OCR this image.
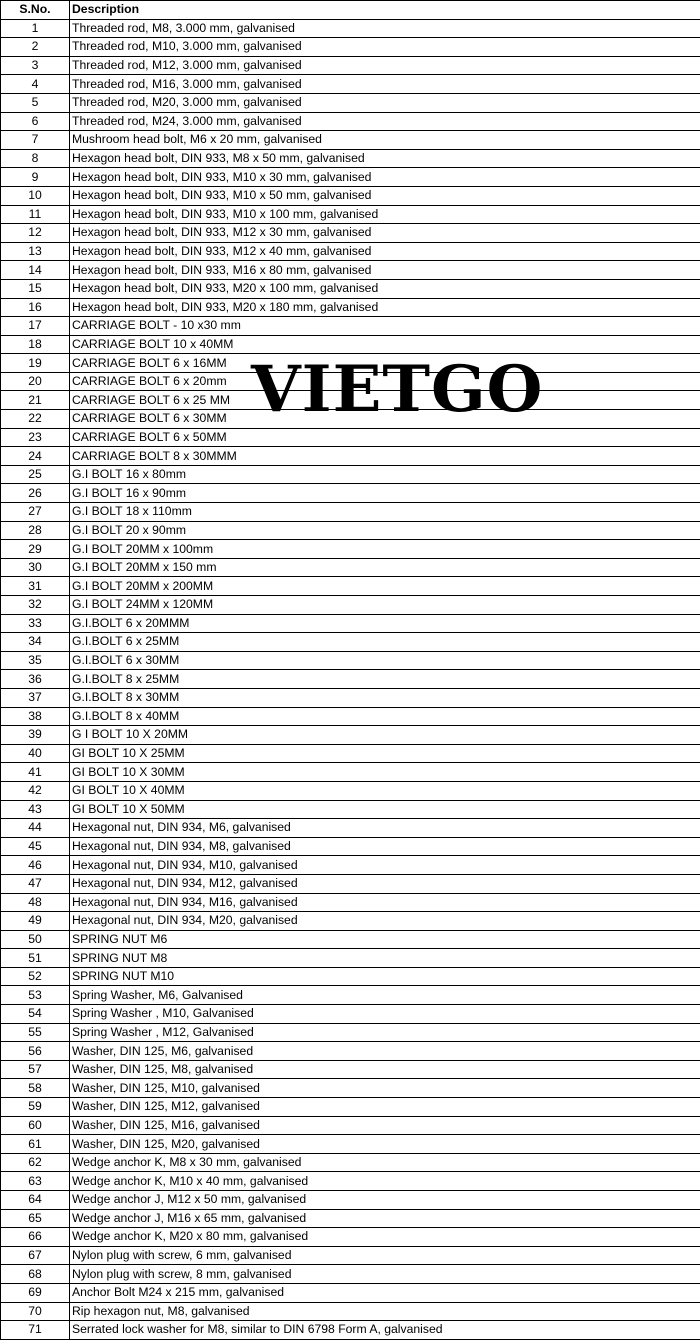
S.No.	Description
1	Threaded rod, M8, 3.000 mm, galvanised
2	Threaded rod, M10, 3.000 mm, galvanised
3	Threaded rod, M12, 3.000 mm, galvanised
4	Threaded rod, M16, 3.000 mm, galvanised
5	Threaded rod, M20, 3.000 mm, galvanised
6	Threaded rod, M24, 3.000 mm, galvanised
7	Mushroom head bolt, M6 x 20 mm, galvanised
8	Hexagon head bolt, DIN 933, M8 x 50 mm, galvanised
9	Hexagon head bolt, DIN 933, M10 x 30 mm, galvanised
10	Hexagon head bolt, DIN 933, M10 x 50 mm, galvanised
11	Hexagon head bolt, DIN 933, M10 x 100 mm, galvanised
12	Hexagon head bolt, DIN 933, M12 x 30 mm, galvanised
13	Hexagon head bolt, DIN 933, M12 x 40 mm, galvanised
14	Hexagon head bolt, DIN 933, M16 x 80 mm, galvanised
15	Hexagon head bolt, DIN 933, M20 x 100 mm, galvanised
16	Hexagon head bolt, DIN 933, M20 x 180 mm, galvanised
17	CARRIAGE BOLT - 10 x30 mm
18	CARRIAGE BOLT 10 x 40MM
19	CARRIAGE BOLT 6 x 16MM
20	CARRIAGE BOLT 6 x 20mm
21	CARRIAGE BOLT 6 x 25 MM
22	CARRIAGE BOLT 6 x 30MM
23	CARRIAGE BOLT 6 x 50MM
24	CARRIAGE BOLT 8 x 30MMM
25	G.I BOLT 16 x 80mm
26	G.I BOLT 16 x 90mm
27	G.I BOLT 18 x 110mm
28	G.I BOLT 20 x 90mm
29	G.I BOLT 20MM x 100mm
30	G.I BOLT 20MM x 150 mm
31	G.I BOLT 20MM x 200MM
32	G.I BOLT 24MM x 120MM
33	G.I.BOLT 6 x 20MMM
34	G.I.BOLT 6 x 25MM
35	G.I.BOLT 6 x 30MM
36	G.I.BOLT 8 x 25MM
37	G.I.BOLT 8 x 30MM
38	G.I.BOLT 8 x 40MM
39	G I BOLT 10 X 20MM
40	GI BOLT 10 X 25MM
41	GI BOLT 10 X 30MM
42	GI BOLT 10 X 40MM
43	GI BOLT 10 X 50MM
44	Hexagonal nut, DIN 934, M6, galvanised
45	Hexagonal nut, DIN 934, M8, galvanised
46	Hexagonal nut, DIN 934, M10, galvanised
47	Hexagonal nut, DIN 934, M12, galvanised
48	Hexagonal nut, DIN 934, M16, galvanised
49	Hexagonal nut, DIN 934, M20, galvanised
50	SPRING NUT M6
51	SPRING NUT M8
52	SPRING NUT M10
53	Spring Washer, M6, Galvanised
54	Spring Washer , M10, Galvanised
55	Spring Washer , M12, Galvanised
56	Washer, DIN 125, M6, galvanised
57	Washer, DIN 125, M8, galvanised
58	Washer, DIN 125, M10, galvanised
59	Washer, DIN 125, M12, galvanised
60	Washer, DIN 125, M16, galvanised
61	Washer, DIN 125, M20, galvanised
62	Wedge anchor K, M8 x 30 mm, galvanised
63	Wedge anchor K, M10 x 40 mm, galvanised
64	Wedge anchor J, M12 x 50 mm, galvanised
65	Wedge anchor J, M16 x 65 mm, galvanised
66	Wedge anchor K, M20 x 80 mm, galvanised
67	Nylon plug with screw, 6 mm, galvanised
68	Nylon plug with screw, 8 mm, galvanised
69	Anchor Bolt M24 x 215 mm, galvanised
70	Rip hexagon nut, M8, galvanised
71	Serrated lock washer for M8, similar to DIN 6798 Form A, galvanised
VIETGO
